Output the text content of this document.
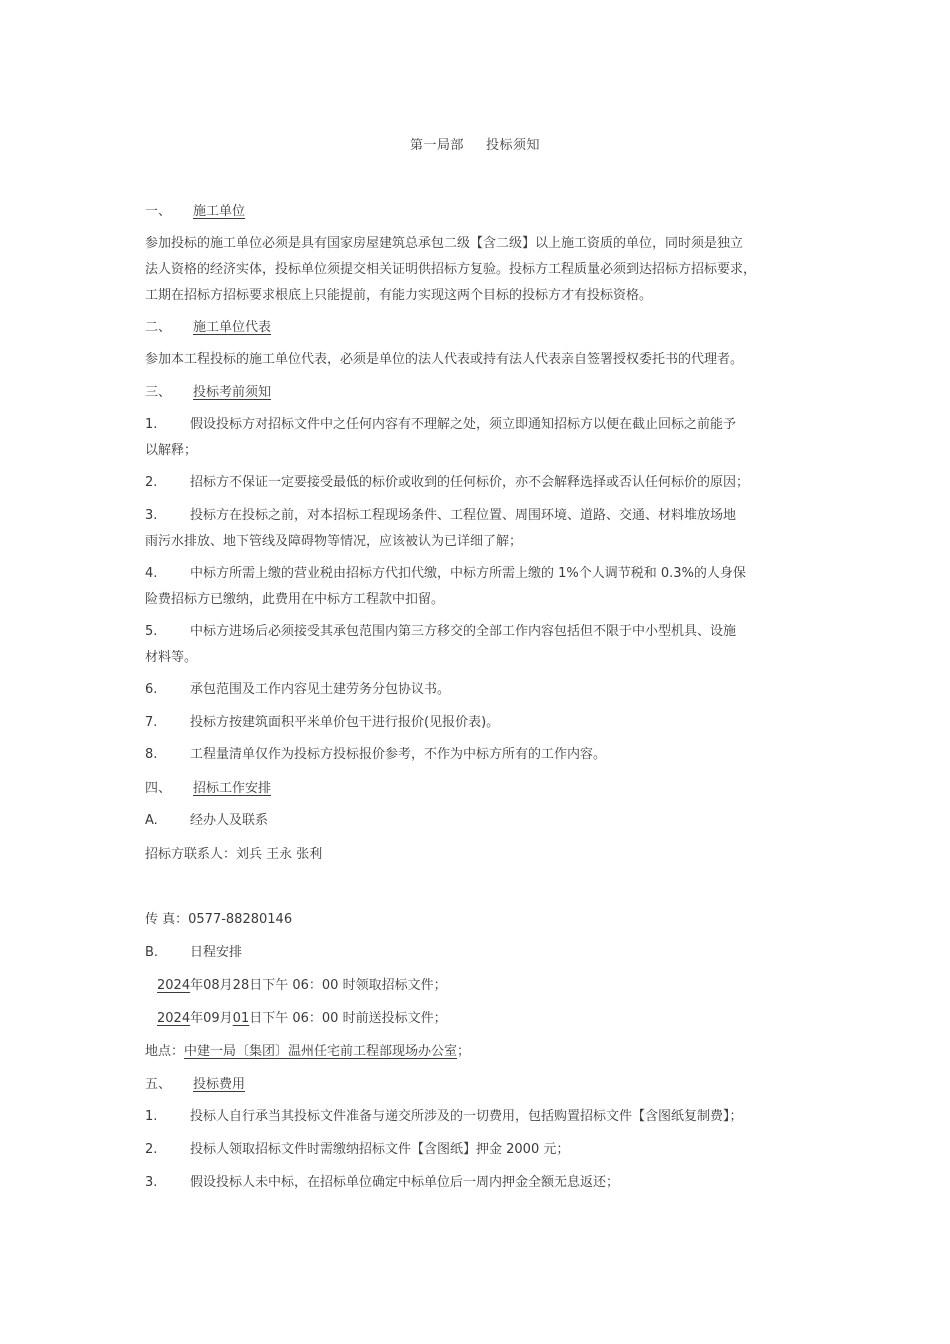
第一局部 投标须知
一、 施工单位
参加投标的施工单位必须是具有国家房屋建筑总承包二级【含二级】以上施工资质的单位，同时须是独立
法人资格的经济实体，投标单位须提交相关证明供招标方复验。投标方工程质量必须到达招标方招标要求，
工期在招标方招标要求根底上只能提前，有能力实现这两个目标的投标方才有投标资格。
二、 施工单位代表
参加本工程投标的施工单位代表，必须是单位的法人代表或持有法人代表亲自签署授权委托书的代理者。
三、 投标考前须知
1.	假设投标方对招标文件中之任何内容有不理解之处，须立即通知招标方以便在截止回标之前能予
以解释；
2.	招标方不保证一定要接受最低的标价或收到的任何标价，亦不会解释选择或否认任何标价的原因；
3.	投标方在投标之前，对本招标工程现场条件、工程位置、周围环境、道路、交通、材料堆放场地
雨污水排放、地下管线及障碍物等情况，应该被认为已详细了解；
4.	中标方所需上缴的营业税由招标方代扣代缴，中标方所需上缴的 1%个人调节税和 0.3%的人身保
险费招标方已缴纳，此费用在中标方工程款中扣留。
5.	中标方进场后必须接受其承包范围内第三方移交的全部工作内容包括但不限于中小型机具、设施
材料等。
6.	承包范围及工作内容见土建劳务分包协议书。
7.	投标方按建筑面积平米单价包干进行报价(见报价表)。
8.	工程量清单仅作为投标方投标报价参考，不作为中标方所有的工作内容。
四、 招标工作安排
A. 经办人及联系
招标方联系人：刘兵 王永 张利
传 真：0577-88280146
B. 日程安排
2024年08月28日下午 06：00 时领取招标文件；
2024年09月01日下午 06：00 时前送投标文件；
地点：中建一局〔集团〕温州任宅前工程部现场办公室；
五、 投标费用
1.	投标人自行承当其投标文件准备与递交所涉及的一切费用，包括购置招标文件【含图纸复制费】；
2.	投标人领取招标文件时需缴纳招标文件【含图纸】押金 2000 元；
3.	假设投标人未中标，在招标单位确定中标单位后一周内押金全额无息返还；
